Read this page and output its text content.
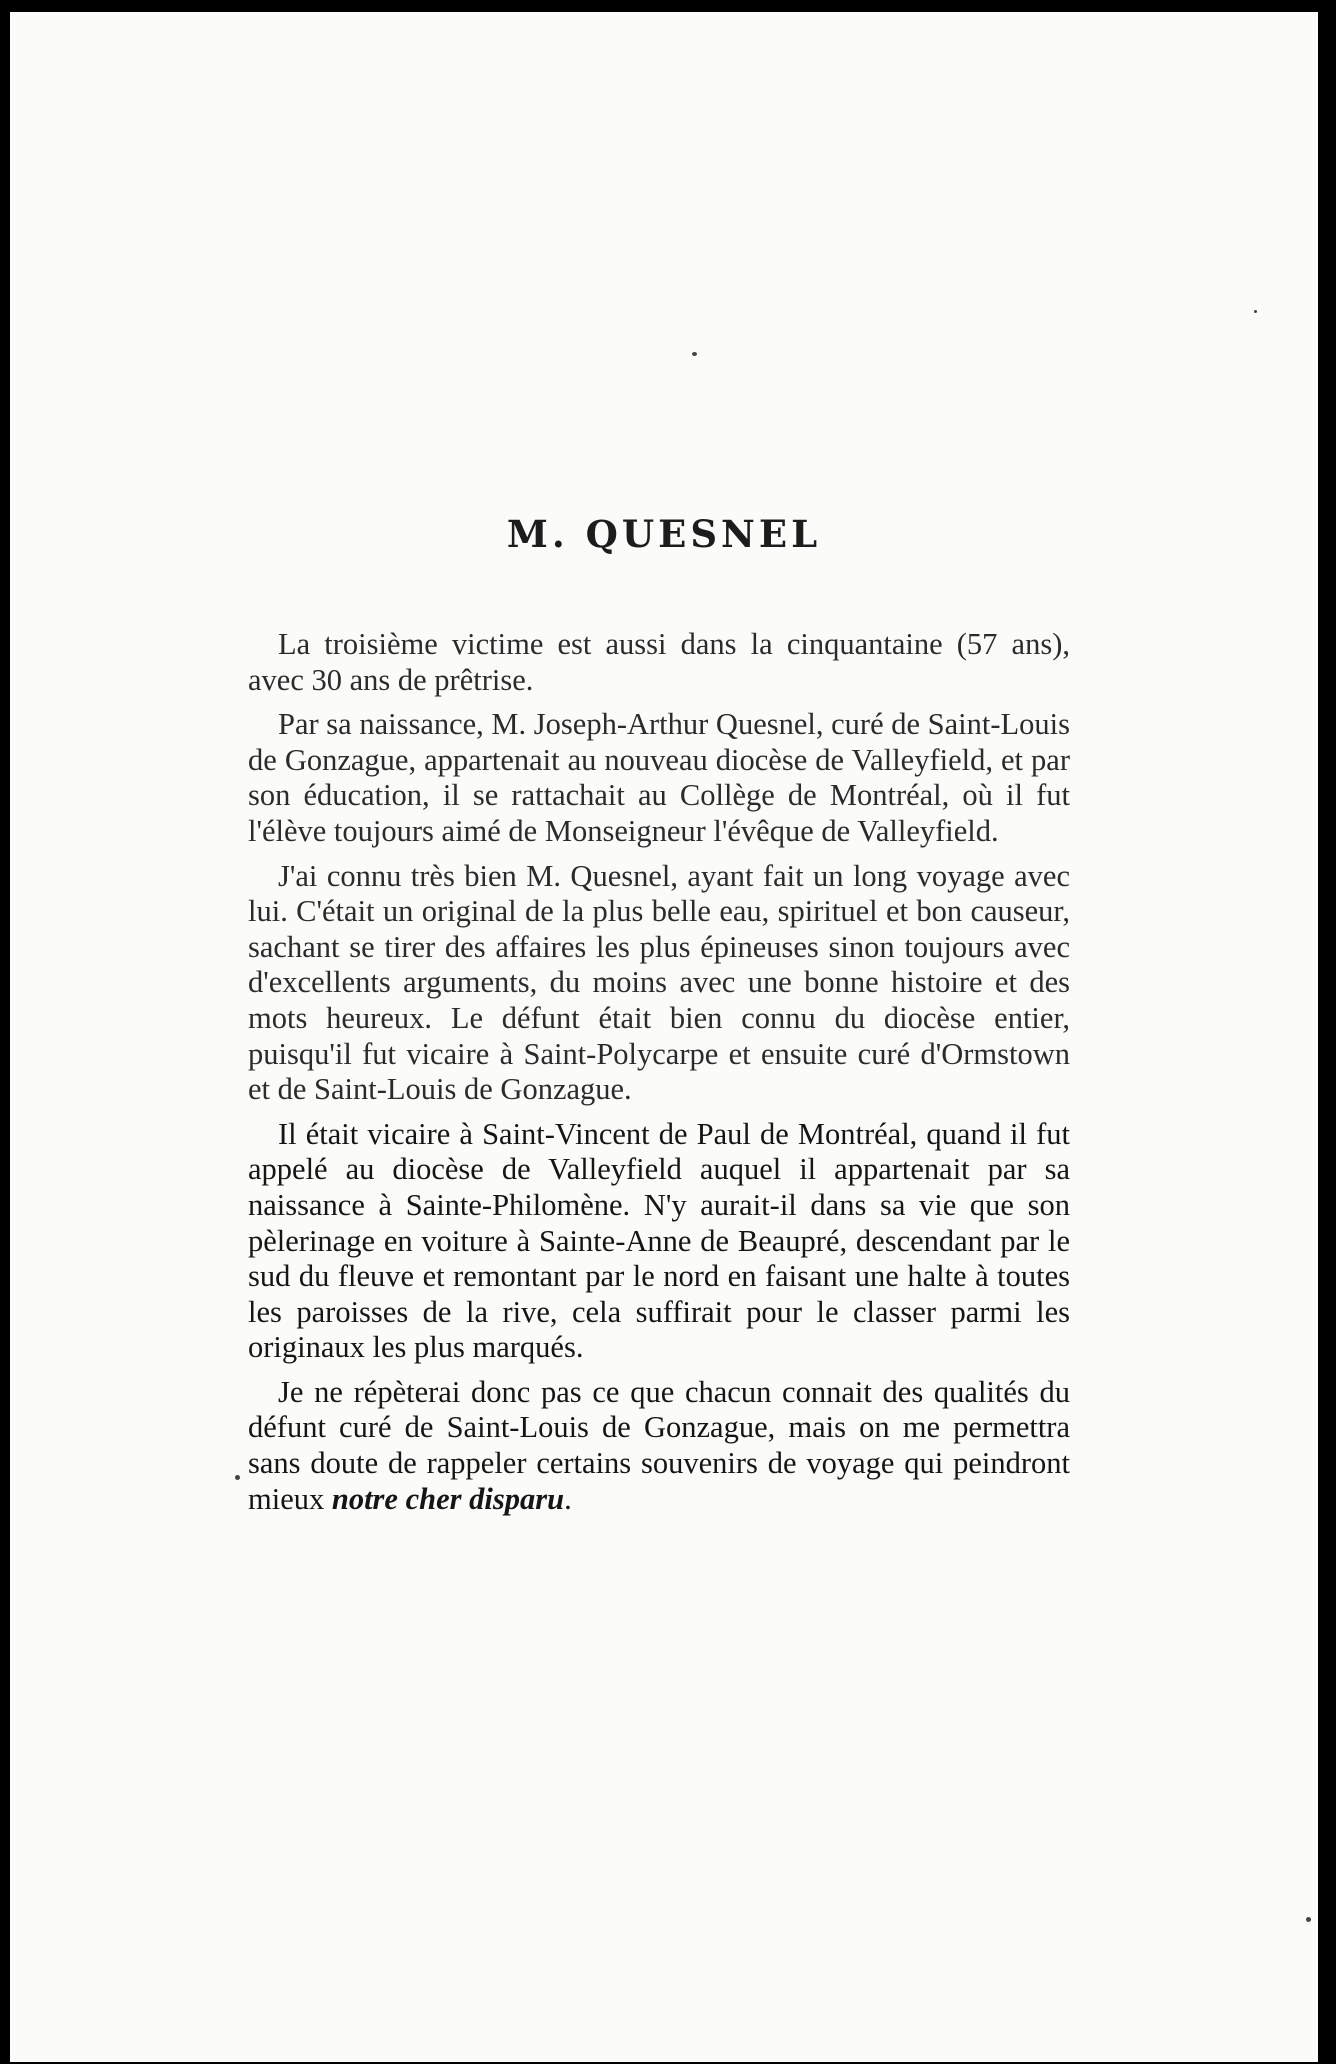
M. QUESNEL

La troisième victime est aussi dans la cinquantaine (57 ans), avec 30 ans de prêtrise.

Par sa naissance, M. Joseph-Arthur Quesnel, curé de Saint-Louis de Gonzague, appartenait au nouveau diocèse de Valleyfield, et par son éducation, il se rattachait au Collège de Montréal, où il fut l'élève toujours aimé de Monseigneur l'évêque de Valleyfield.

J'ai connu très bien M. Quesnel, ayant fait un long voyage avec lui. C'était un original de la plus belle eau, spirituel et bon causeur, sachant se tirer des affaires les plus épineuses sinon toujours avec d'excellents arguments, du moins avec une bonne histoire et des mots heureux. Le défunt était bien connu du diocèse entier, puisqu'il fut vicaire à Saint-Polycarpe et ensuite curé d'Ormstown et de Saint-Louis de Gonzague.

Il était vicaire à Saint-Vincent de Paul de Montréal, quand il fut appelé au diocèse de Valleyfield auquel il appartenait par sa naissance à Sainte-Philomène. N'y aurait-il dans sa vie que son pèlerinage en voiture à Sainte-Anne de Beaupré, descendant par le sud du fleuve et remontant par le nord en faisant une halte à toutes les paroisses de la rive, cela suffirait pour le classer parmi les originaux les plus marqués.

Je ne répèterai donc pas ce que chacun connait des qualités du défunt curé de Saint-Louis de Gonzague, mais on me permettra sans doute de rappeler certains souvenirs de voyage qui peindront mieux notre cher disparu.
